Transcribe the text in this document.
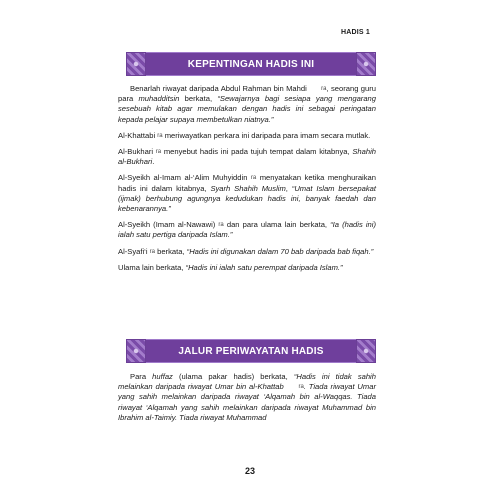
HADIS 1
KEPENTINGAN HADIS INI

Benarlah riwayat daripada Abdul Rahman bin Mahdi ra, seorang guru para muhadditsin berkata, “Sewajarnya bagi sesiapa yang mengarang sesebuah kitab agar memulakan dengan hadis ini sebagai peringatan kepada pelajar supaya membetulkan niatnya.”

Al-Khattabi ra meriwayatkan perkara ini daripada para imam secara mutlak.

Al-Bukhari ra menyebut hadis ini pada tujuh tempat dalam kitabnya, Shahih al-Bukhari.

Al-Syeikh al-Imam al-‘Alim Muhyiddin ra menyatakan ketika menghuraikan hadis ini dalam kitabnya, Syarh Shahih Muslim, “Umat Islam bersepakat (ijmak) berhubung agungnya kedudukan hadis ini, banyak faedah dan kebenarannya.”

Al-Syeikh (Imam al-Nawawi) ra dan para ulama lain berkata, “Ia (hadis ini) ialah satu pertiga daripada Islam.”

Al-Syafi‘i ra berkata, “Hadis ini digunakan dalam 70 bab daripada bab fiqah.”

Ulama lain berkata, “Hadis ini ialah satu perempat daripada Islam.”

JALUR PERIWAYATAN HADIS

Para huffaz (ulama pakar hadis) berkata, “Hadis ini tidak sahih melainkan daripada riwayat Umar bin al-Khattab ra. Tiada riwayat Umar yang sahih melainkan daripada riwayat ‘Alqamah bin al-Waqqas. Tiada riwayat ‘Alqamah yang sahih melainkan daripada riwayat Muhammad bin Ibrahim al-Taimiy. Tiada riwayat Muhammad

23
